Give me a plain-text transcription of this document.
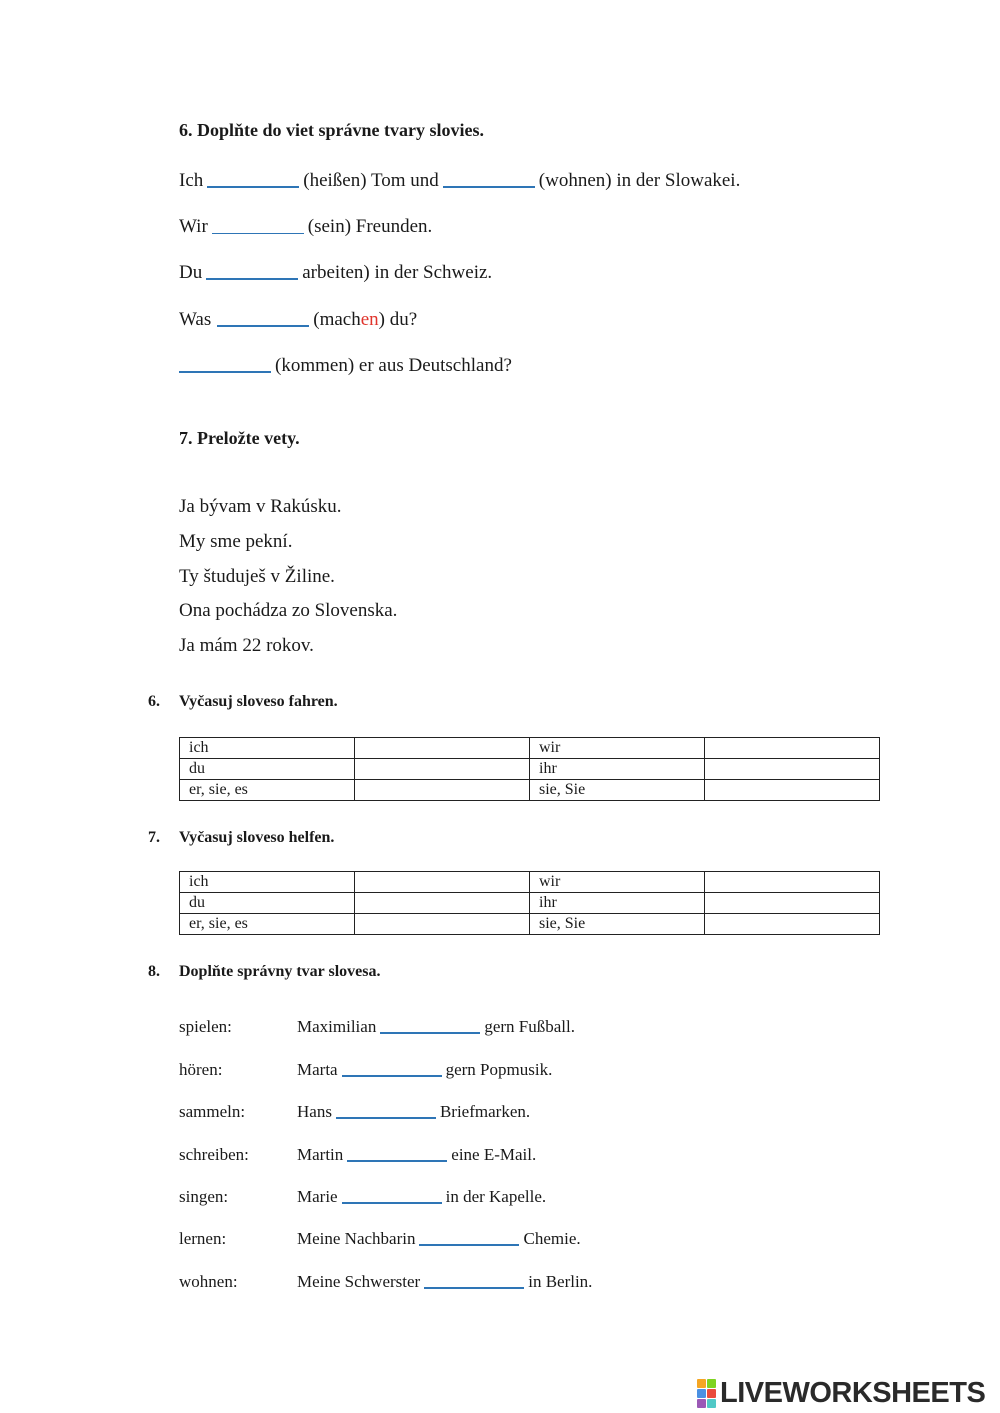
6. Doplňte do viet správne tvary slovies.
Ich	(heißen) Tom und	(wohnen) in der Slowakei.
Wir	(sein) Freunden.
Du	arbeiten) in der Schweiz.
Was	(machen) du?
(kommen) er aus Deutschland?
7. Preložte vety.
Ja bývam v Rakúsku.
My sme pekní.
Ty študuješ v Žiline.
Ona pochádza zo Slovenska.
Ja mám 22 rokov.
6. Vyčasuj sloveso fahren.
ich		wir	
du		ihr	
er, sie, es		sie, Sie	
7. Vyčasuj sloveso helfen.
ich		wir	
du		ihr	
er, sie, es		sie, Sie	
8. Doplňte správny tvar slovesa.
spielen:	Maximilian	gern Fußball.
hören:	Marta	gern Popmusik.
sammeln:	Hans	Briefmarken.
schreiben:	Martin	eine E-Mail.
singen:	Marie	in der Kapelle.
lernen:	Meine Nachbarin	Chemie.
wohnen:	Meine Schwerster	in Berlin.
LIVEWORKSHEETS
